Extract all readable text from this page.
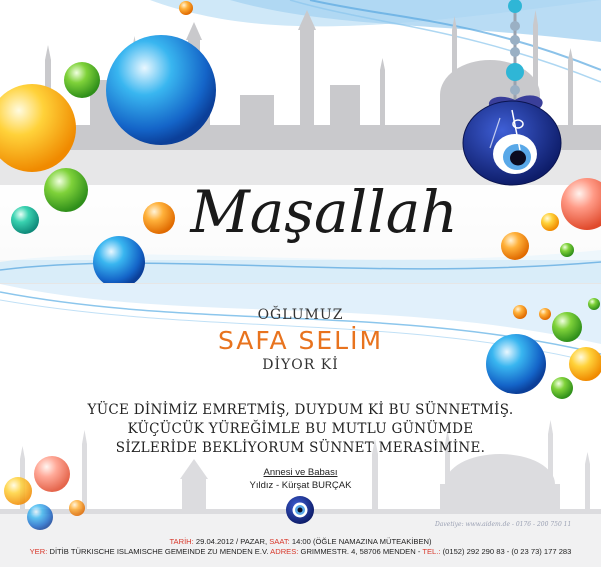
Maşallah
OĞLUMUZ
SAFA SELİM
DİYOR Kİ
YÜCE DİNİMİZ EMRETMİŞ, DUYDUM Kİ BU SÜNNETMİŞ.
KÜÇÜCÜK YÜREĞİMLE BU MUTLU GÜNÜMDE
SİZLERİDE BEKLİYORUM SÜNNET MERASİMİNE.
Annesi ve Babası
Yıldız - Kürşat BURÇAK
Davetiye: www.aidem.de - 0176 - 200 750 11
TARİH: 29.04.2012 / PAZAR, SAAT: 14:00 (ÖĞLE NAMAZINA MÜTEAKİBEN)
YER: DİTİB TÜRKISCHE ISLAMISCHE GEMEINDE ZU MENDEN E.V. ADRES: GRIMMESTR. 4, 58706 MENDEN - TEL.: (0152) 292 290 83 - (0 23 73) 177 283
